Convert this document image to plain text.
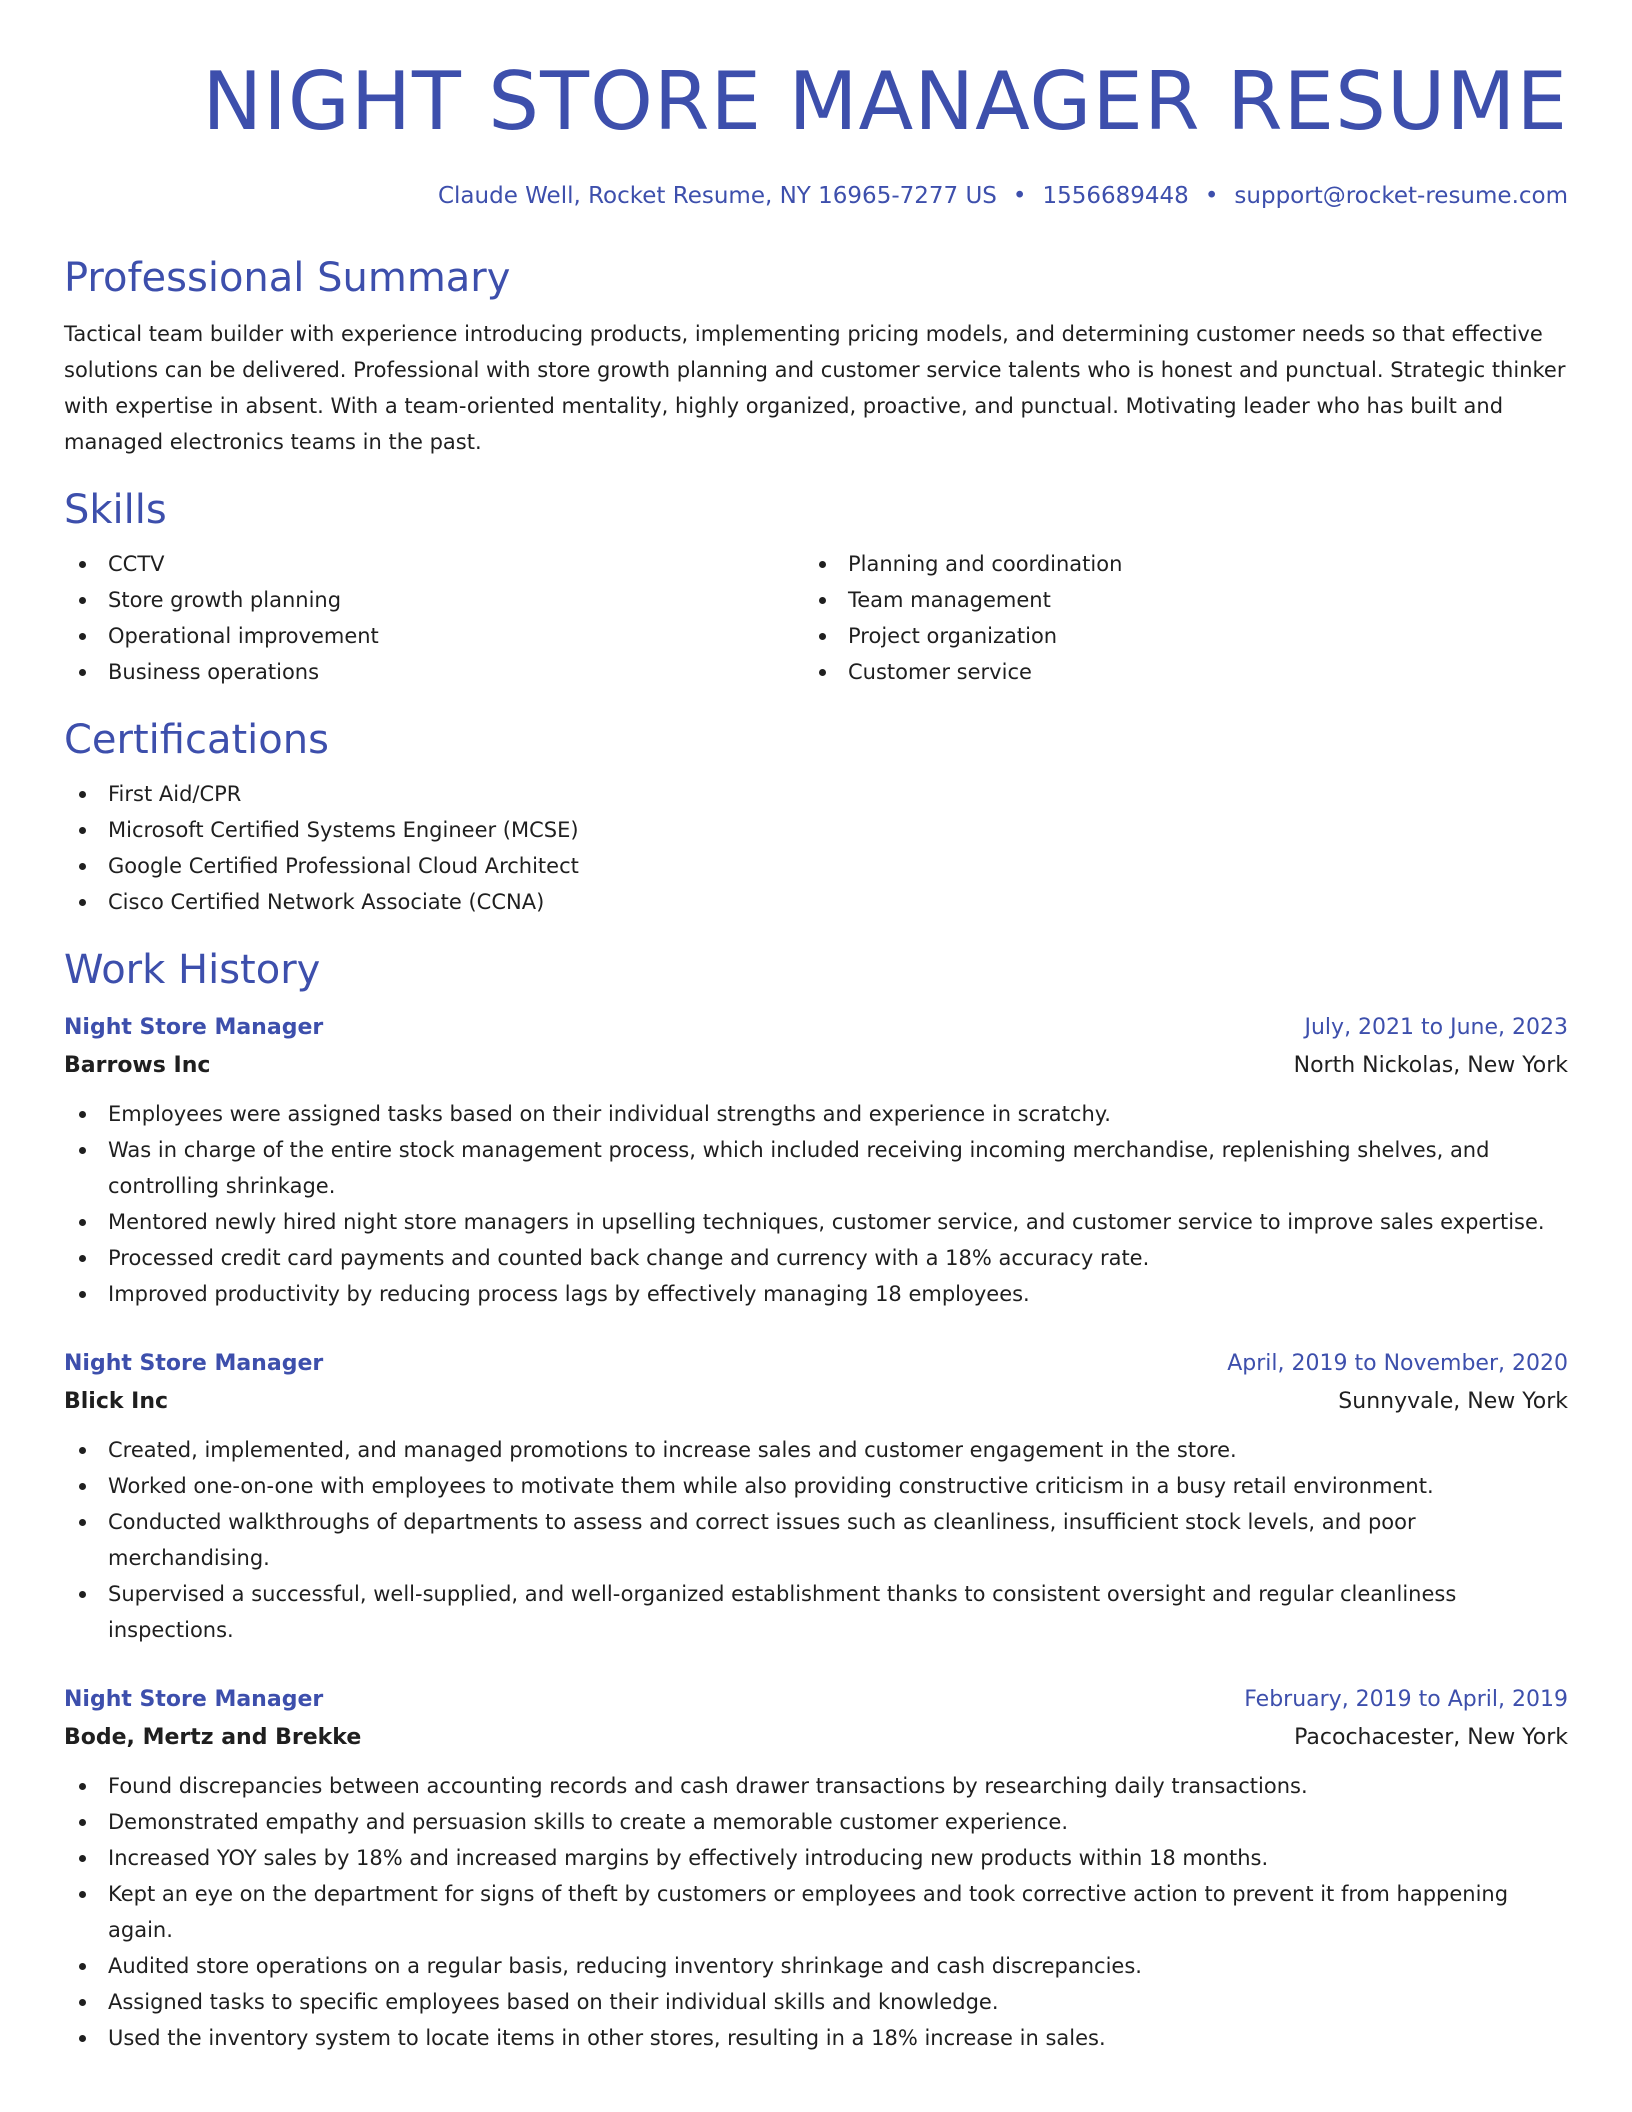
NIGHT STORE MANAGER RESUME
Claude Well, Rocket Resume, NY 16965-7277 US • 1556689448 • support@rocket-resume.com
Professional Summary

Tactical team builder with experience introducing products, implementing pricing models, and determining customer needs so that effective solutions can be delivered. Professional with store growth planning and customer service talents who is honest and punctual. Strategic thinker with expertise in absent. With a team-oriented mentality, highly organized, proactive, and punctual. Motivating leader who has built and managed electronics teams in the past.

Skills
CCTV
Store growth planning
Operational improvement
Business operations
Planning and coordination
Team management
Project organization
Customer service
Certifications
First Aid/CPR
Microsoft Certified Systems Engineer (MCSE)
Google Certified Professional Cloud Architect
Cisco Certified Network Associate (CCNA)
Work History
Night Store Manager	July, 2021 to June, 2023
Barrows Inc	North Nickolas, New York
Employees were assigned tasks based on their individual strengths and experience in scratchy.
Was in charge of the entire stock management process, which included receiving incoming merchandise, replenishing shelves, and controlling shrinkage.
Mentored newly hired night store managers in upselling techniques, customer service, and customer service to improve sales expertise.
Processed credit card payments and counted back change and currency with a 18% accuracy rate.
Improved productivity by reducing process lags by effectively managing 18 employees.
Night Store Manager	April, 2019 to November, 2020
Blick Inc	Sunnyvale, New York
Created, implemented, and managed promotions to increase sales and customer engagement in the store.
Worked one-on-one with employees to motivate them while also providing constructive criticism in a busy retail environment.
Conducted walkthroughs of departments to assess and correct issues such as cleanliness, insufficient stock levels, and poor merchandising.
Supervised a successful, well-supplied, and well-organized establishment thanks to consistent oversight and regular cleanliness inspections.
Night Store Manager	February, 2019 to April, 2019
Bode, Mertz and Brekke	Pacochacester, New York
Found discrepancies between accounting records and cash drawer transactions by researching daily transactions.
Demonstrated empathy and persuasion skills to create a memorable customer experience.
Increased YOY sales by 18% and increased margins by effectively introducing new products within 18 months.
Kept an eye on the department for signs of theft by customers or employees and took corrective action to prevent it from happening again.
Audited store operations on a regular basis, reducing inventory shrinkage and cash discrepancies.
Assigned tasks to specific employees based on their individual skills and knowledge.
Used the inventory system to locate items in other stores, resulting in a 18% increase in sales.
